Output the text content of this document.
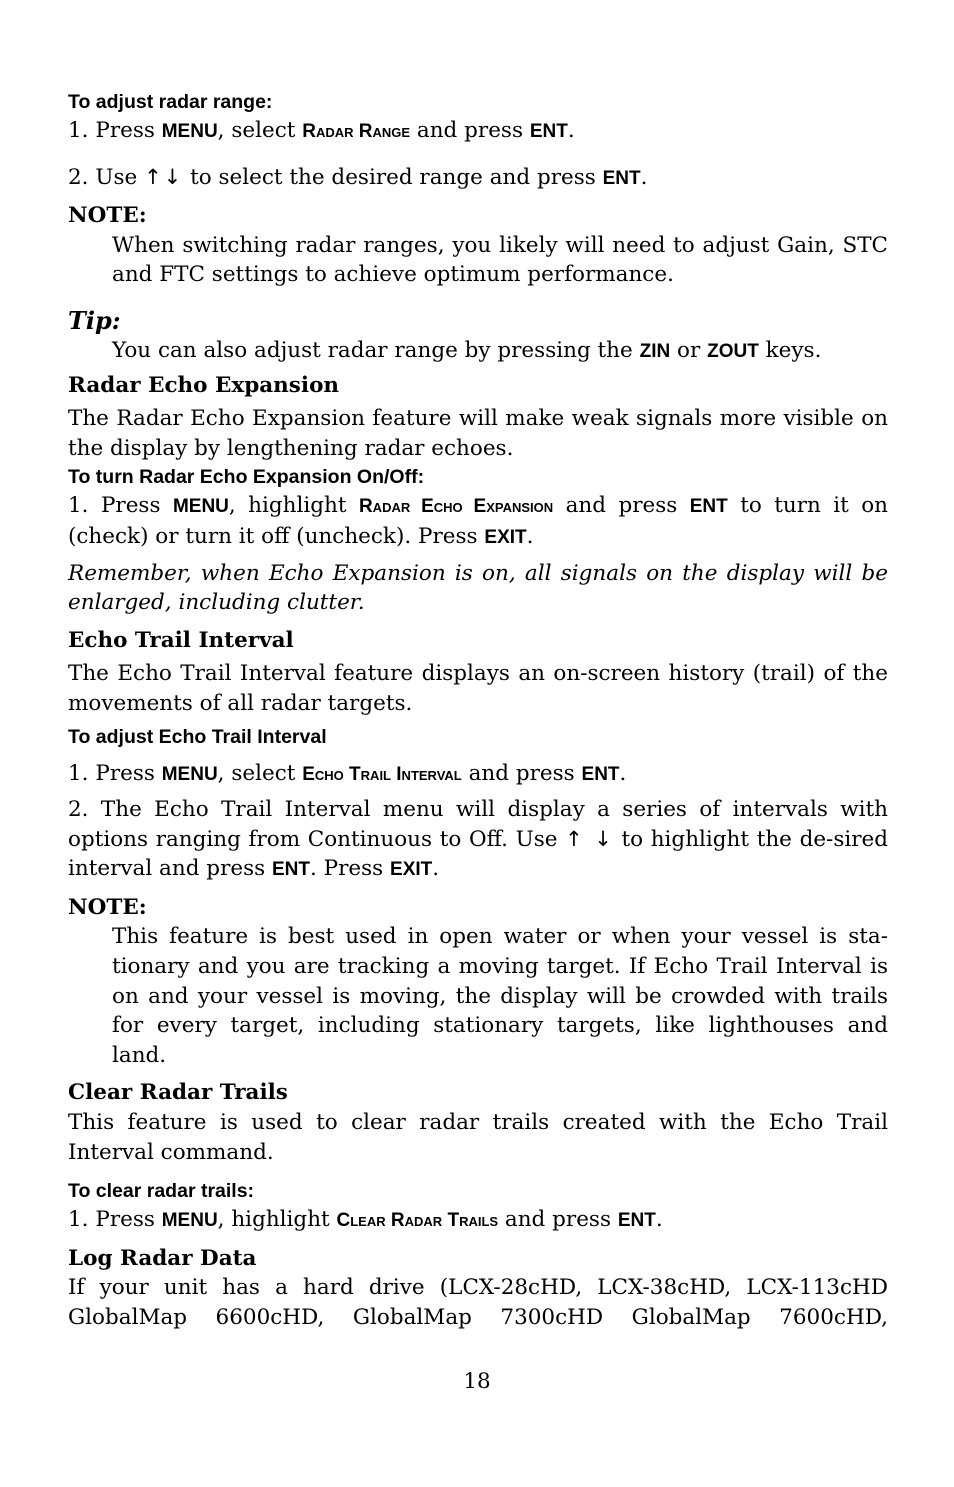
To adjust radar range:

1. Press MENU, select Radar Range and press ENT.

2. Use ↑↓ to select the desired range and press ENT.

NOTE:

When switching radar ranges, you likely will need to adjust Gain, STC and FTC settings to achieve optimum performance.

Tip:

You can also adjust radar range by pressing the ZIN or ZOUT keys.

Radar Echo Expansion

The Radar Echo Expansion feature will make weak signals more visible on the display by lengthening radar echoes.

To turn Radar Echo Expansion On/Off:

1. Press MENU, highlight Radar Echo Expansion and press ENT to turn it on (check) or turn it off (uncheck). Press EXIT.

Remember, when Echo Expansion is on, all signals on the display will be enlarged, including clutter.

Echo Trail Interval

The Echo Trail Interval feature displays an on-screen history (trail) of the movements of all radar targets.

To adjust Echo Trail Interval

1. Press MENU, select Echo Trail Interval and press ENT.

2. The Echo Trail Interval menu will display a series of intervals with options ranging from Continuous to Off. Use ↑ ↓ to highlight the de-sired interval and press ENT. Press EXIT.

NOTE:

This feature is best used in open water or when your vessel is sta-tionary and you are tracking a moving target. If Echo Trail Interval is on and your vessel is moving, the display will be crowded with trails for every target, including stationary targets, like lighthouses and land.

Clear Radar Trails

This feature is used to clear radar trails created with the Echo Trail Interval command.

To clear radar trails:

1. Press MENU, highlight Clear Radar Trails and press ENT.

Log Radar Data

If your unit has a hard drive (LCX-28cHD, LCX-38cHD, LCX-113cHD

GlobalMap 6600cHD, GlobalMap 7300cHD GlobalMap 7600cHD,

18
